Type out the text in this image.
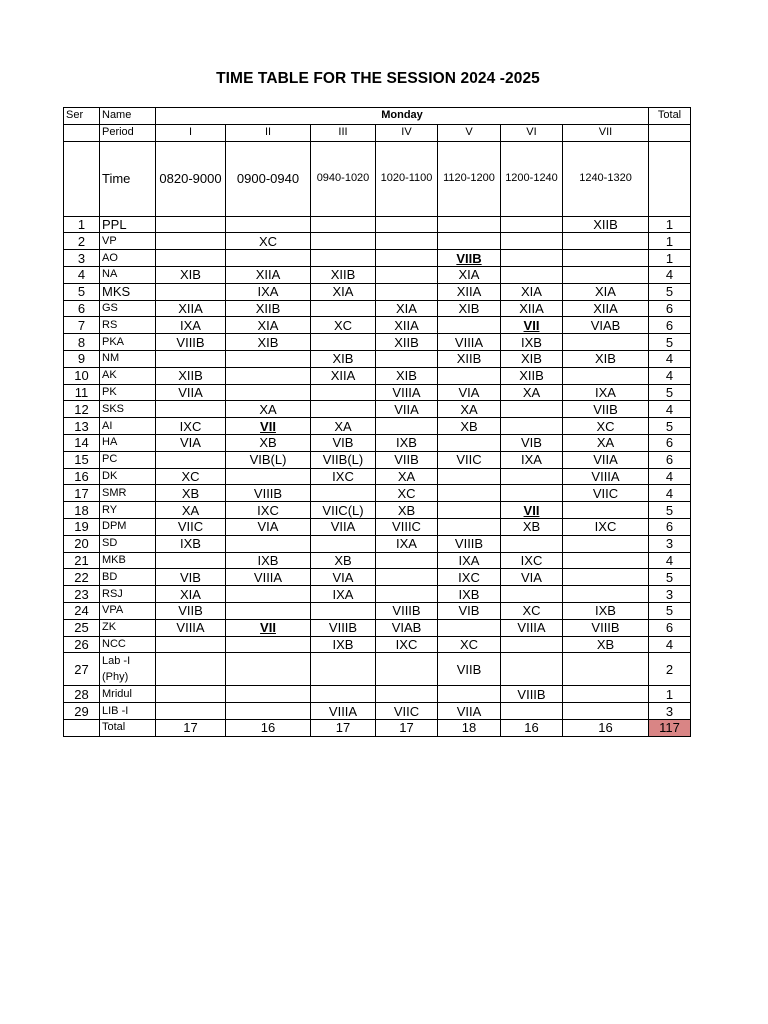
TIME TABLE FOR THE SESSION 2024 -2025
Ser	Name	Monday							Total
	Period	I	II	III	IV	V	VI	VII	
	Time	0820-9000	0900-0940	0940-1020	1020-1100	1120-1200	1200-1240	1240-1320	
1	PPL							XIIB	1
2	VP		XC						1
3	AO					VIIB			1
4	NA	XIB	XIIA	XIIB		XIA			4
5	MKS		IXA	XIA		XIIA	XIA	XIA	5
6	GS	XIIA	XIIB		XIA	XIB	XIIA	XIIA	6
7	RS	IXA	XIA	XC	XIIA		VII	VIAB	6
8	PKA	VIIIB	XIB		XIIB	VIIIA	IXB		5
9	NM			XIB		XIIB	XIB	XIB	4
10	AK	XIIB		XIIA	XIB		XIIB		4
11	PK	VIIA			VIIIA	VIA	XA	IXA	5
12	SKS		XA		VIIA	XA		VIIB	4
13	AI	IXC	VII	XA		XB		XC	5
14	HA	VIA	XB	VIB	IXB		VIB	XA	6
15	PC		VIB(L)	VIIB(L)	VIIB	VIIC	IXA	VIIA	6
16	DK	XC		IXC	XA			VIIIA	4
17	SMR	XB	VIIIB		XC			VIIC	4
18	RY	XA	IXC	VIIC(L)	XB		VII		5
19	DPM	VIIC	VIA	VIIA	VIIIC		XB	IXC	6
20	SD	IXB			IXA	VIIIB			3
21	MKB		IXB	XB		IXA	IXC		4
22	BD	VIB	VIIIA	VIA		IXC	VIA		5
23	RSJ	XIA		IXA		IXB			3
24	VPA	VIIB			VIIIB	VIB	XC	IXB	5
25	ZK	VIIIA	VII	VIIIB	VIAB		VIIIA	VIIIB	6
26	NCC			IXB	IXC	XC		XB	4
27	Lab -I
(Phy)					VIIB			2
28	Mridul						VIIIB		1
29	LIB -I			VIIIA	VIIC	VIIA			3
	Total	17	16	17	17	18	16	16	117
